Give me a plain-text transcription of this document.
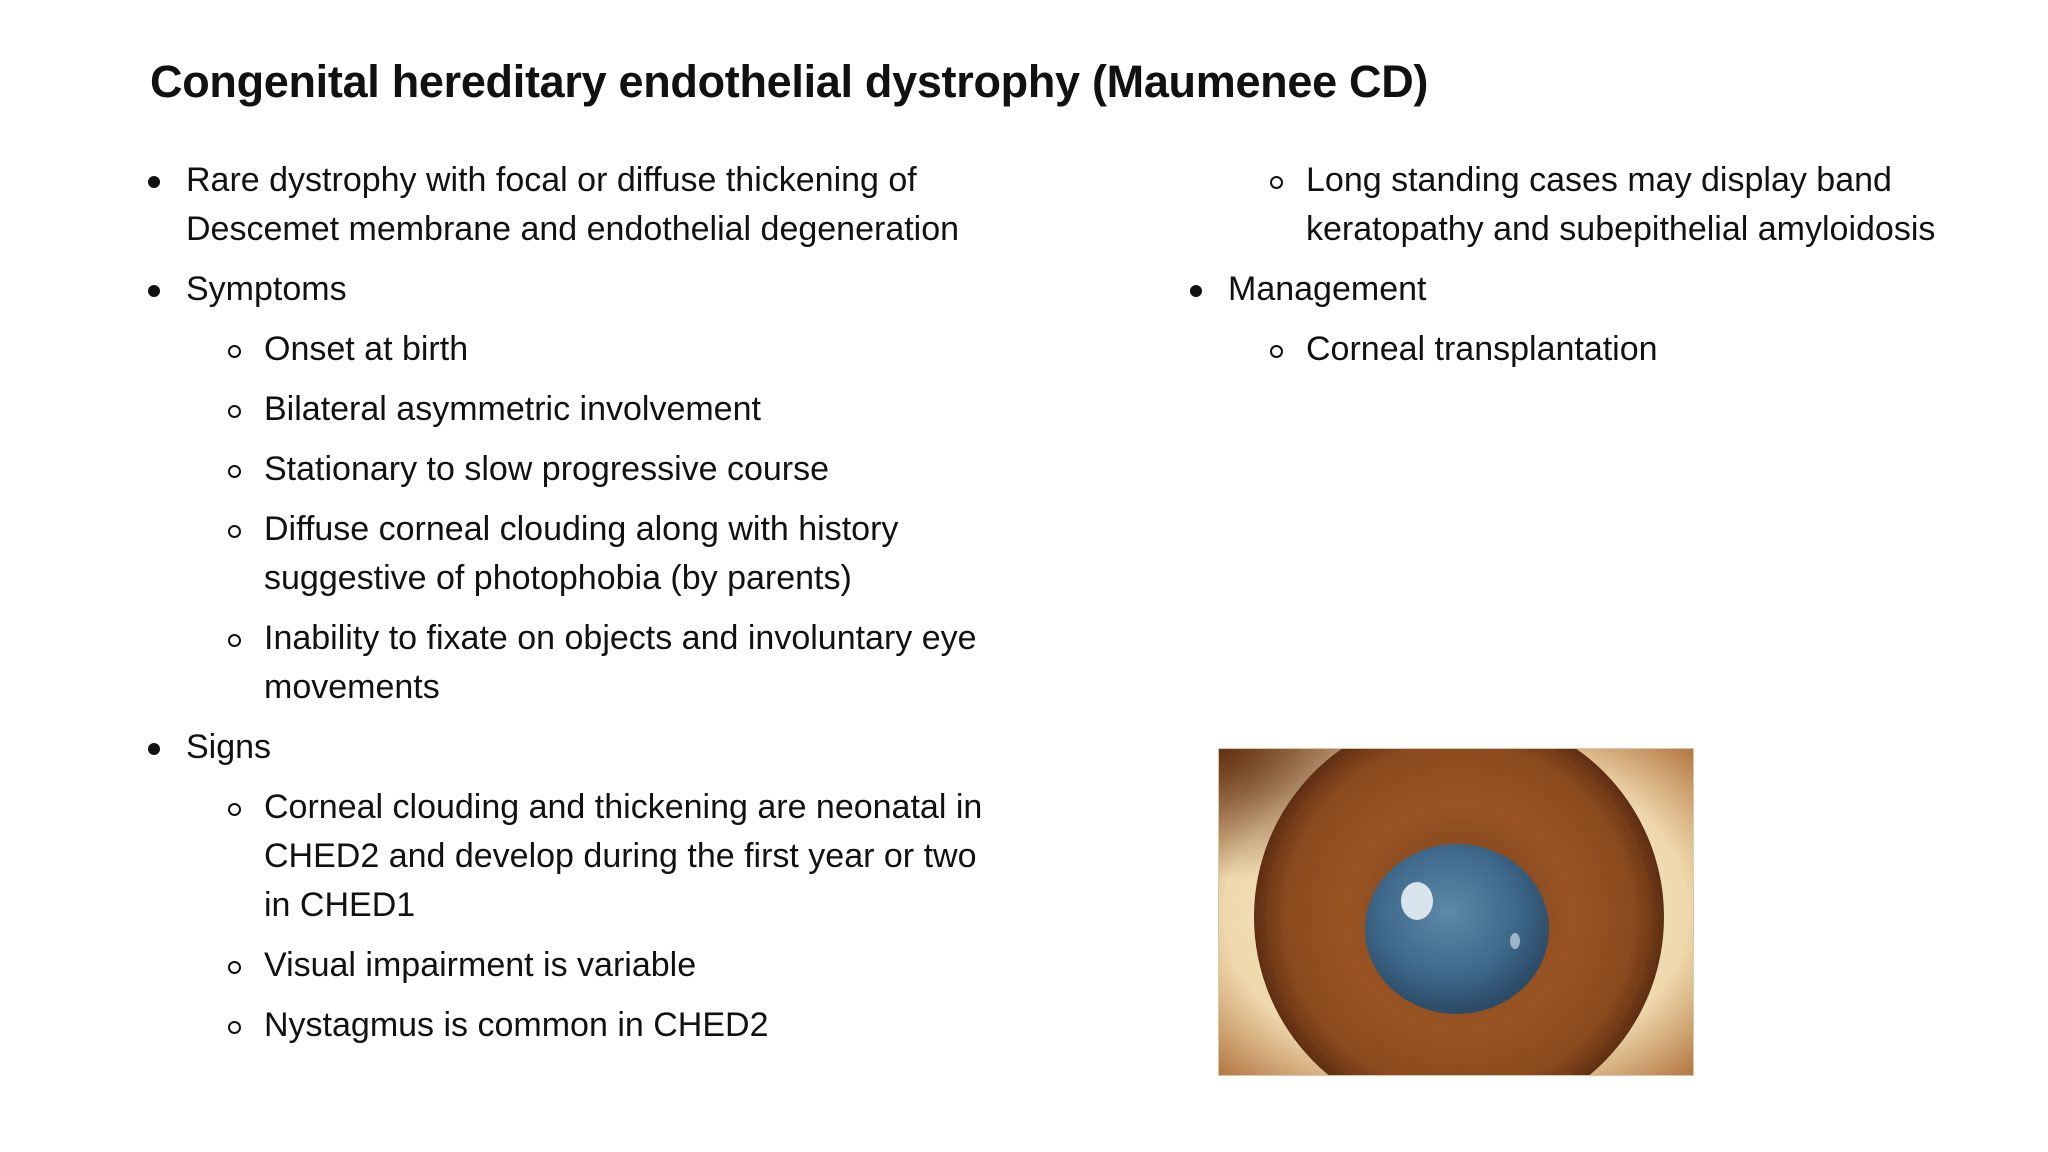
Congenital hereditary endothelial dystrophy (Maumenee CD)
Rare dystrophy with focal or diffuse thickening of Descemet membrane and endothelial degeneration
Symptoms
Onset at birth
Bilateral asymmetric involvement
Stationary to slow progressive course
Diffuse corneal clouding along with history suggestive of photophobia (by parents)
Inability to fixate on objects and involuntary eye movements
Signs
Corneal clouding and thickening are neonatal in CHED2 and develop during the first year or two in CHED1
Visual impairment is variable
Nystagmus is common in CHED2
Long standing cases may display band keratopathy and subepithelial amyloidosis
Management
Corneal transplantation
